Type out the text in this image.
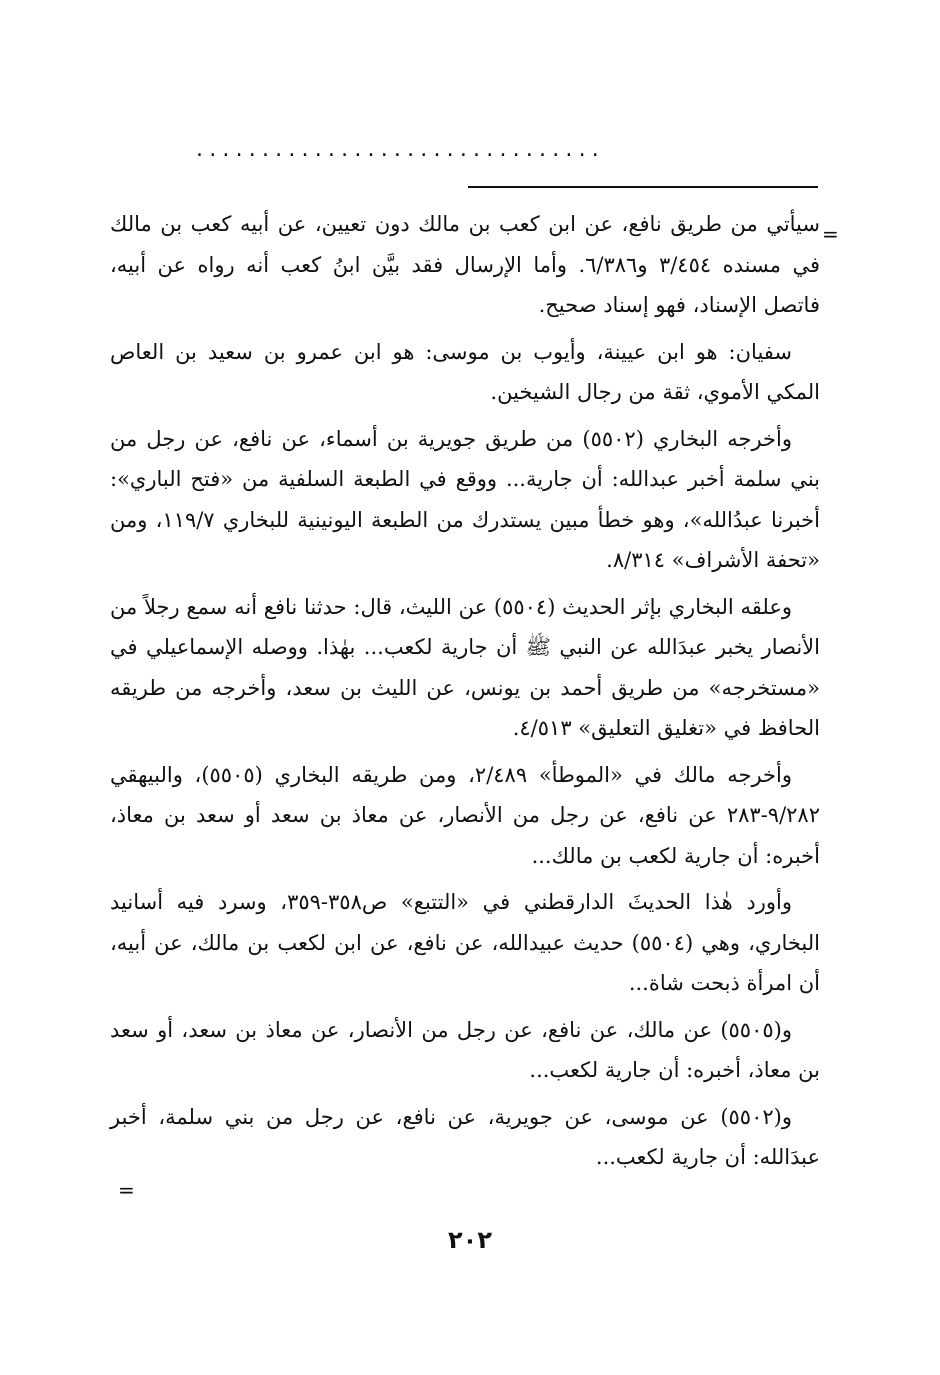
...............................
=

سيأتي من طريق نافع، عن ابن كعب بن مالك دون تعيين، عن أبيه كعب بن مالك في مسنده ٣/٤٥٤ و٦/٣٨٦. وأما الإرسال فقد بيَّن ابنُ كعب أنه رواه عن أبيه، فاتصل الإسناد، فهو إسناد صحيح.

سفيان: هو ابن عيينة، وأيوب بن موسى: هو ابن عمرو بن سعيد بن العاص المكي الأموي، ثقة من رجال الشيخين.

وأخرجه البخاري (٥٥٠٢) من طريق جويرية بن أسماء، عن نافع، عن رجل من بني سلمة أخبر عبدالله: أن جارية... ووقع في الطبعة السلفية من «فتح الباري»: أخبرنا عبدُالله»، وهو خطأ مبين يستدرك من الطبعة اليونينية للبخاري ١١٩/٧، ومن «تحفة الأشراف» ٨/٣١٤.

وعلقه البخاري بإثر الحديث (٥٥٠٤) عن الليث، قال: حدثنا نافع أنه سمع رجلاً من الأنصار يخبر عبدَالله عن النبي ﷺ أن جارية لكعب... بهٰذا. ووصله الإسماعيلي في «مستخرجه» من طريق أحمد بن يونس، عن الليث بن سعد، وأخرجه من طريقه الحافظ في «تغليق التعليق» ٤/٥١٣.

وأخرجه مالك في «الموطأ» ٢/٤٨٩، ومن طريقه البخاري (٥٥٠٥)، والبيهقي ٩/٢٨٢-٢٨٣ عن نافع، عن رجل من الأنصار، عن معاذ بن سعد أو سعد بن معاذ، أخبره: أن جارية لكعب بن مالك...

وأورد هٰذا الحديثَ الدارقطني في «التتبع» ص٣٥٨-٣٥٩، وسرد فيه أسانيد البخاري، وهي (٥٥٠٤) حديث عبيدالله، عن نافع، عن ابن لكعب بن مالك، عن أبيه، أن امرأة ذبحت شاة...

و(٥٥٠٥) عن مالك، عن نافع، عن رجل من الأنصار، عن معاذ بن سعد، أو سعد بن معاذ، أخبره: أن جارية لكعب...

و(٥٥٠٢) عن موسى، عن جويرية، عن نافع، عن رجل من بني سلمة، أخبر عبدَالله: أن جارية لكعب...

=
٢٠٢
